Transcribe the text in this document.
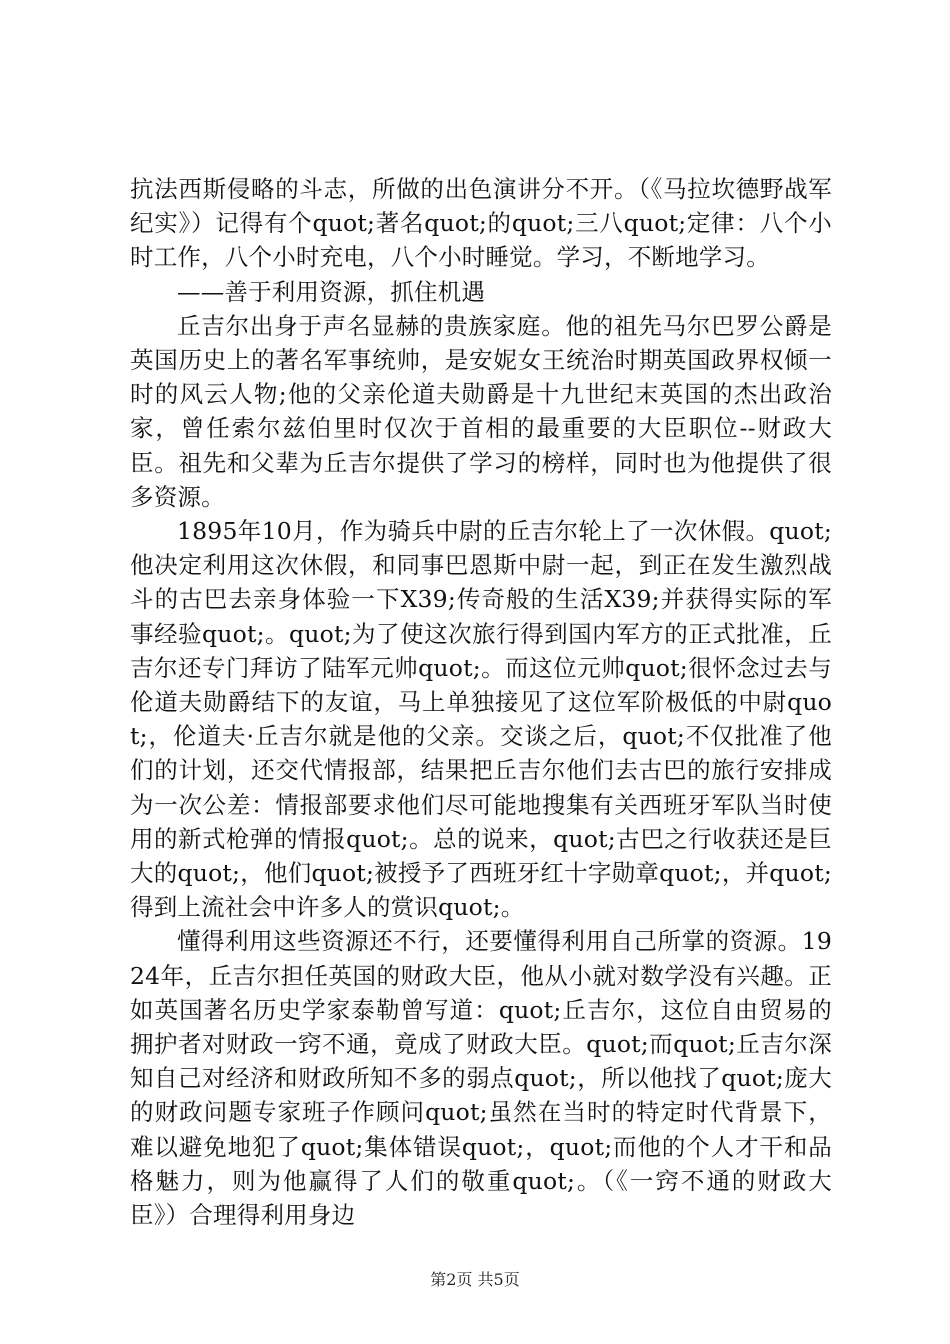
抗法西斯侵略的斗志，所做的出色演讲分不开。（《马拉坎德野战军纪实》）记得有个quot;著名quot;的quot;三八quot;定律：八个小时工作，八个小时充电，八个小时睡觉。学习，不断地学习。

——善于利用资源，抓住机遇

丘吉尔出身于声名显赫的贵族家庭。他的祖先马尔巴罗公爵是英国历史上的著名军事统帅，是安妮女王统治时期英国政界权倾一时的风云人物;他的父亲伦道夫勋爵是十九世纪末英国的杰出政治家，曾任索尔兹伯里时仅次于首相的最重要的大臣职位--财政大臣。祖先和父辈为丘吉尔提供了学习的榜样，同时也为他提供了很多资源。

1895年10月，作为骑兵中尉的丘吉尔轮上了一次休假。quot;他决定利用这次休假，和同事巴恩斯中尉一起，到正在发生激烈战斗的古巴去亲身体验一下X39;传奇般的生活X39;并获得实际的军事经验quot;。quot;为了使这次旅行得到国内军方的正式批准，丘吉尔还专门拜访了陆军元帅quot;。而这位元帅quot;很怀念过去与伦道夫勋爵结下的友谊，马上单独接见了这位军阶极低的中尉quot;，伦道夫·丘吉尔就是他的父亲。交谈之后，quot;不仅批准了他们的计划，还交代情报部，结果把丘吉尔他们去古巴的旅行安排成为一次公差：情报部要求他们尽可能地搜集有关西班牙军队当时使用的新式枪弹的情报quot;。总的说来，quot;古巴之行收获还是巨大的quot;，他们quot;被授予了西班牙红十字勋章quot;，并quot;得到上流社会中许多人的赏识quot;。

懂得利用这些资源还不行，还要懂得利用自己所掌的资源。1924年，丘吉尔担任英国的财政大臣，他从小就对数学没有兴趣。正如英国著名历史学家泰勒曾写道：quot;丘吉尔，这位自由贸易的拥护者对财政一窍不通，竟成了财政大臣。quot;而quot;丘吉尔深知自己对经济和财政所知不多的弱点quot;，所以他找了quot;庞大的财政问题专家班子作顾问quot;虽然在当时的特定时代背景下，难以避免地犯了quot;集体错误quot;，quot;而他的个人才干和品格魅力，则为他赢得了人们的敬重quot;。（《一窍不通的财政大臣》）合理得利用身边

第2页 共5页
